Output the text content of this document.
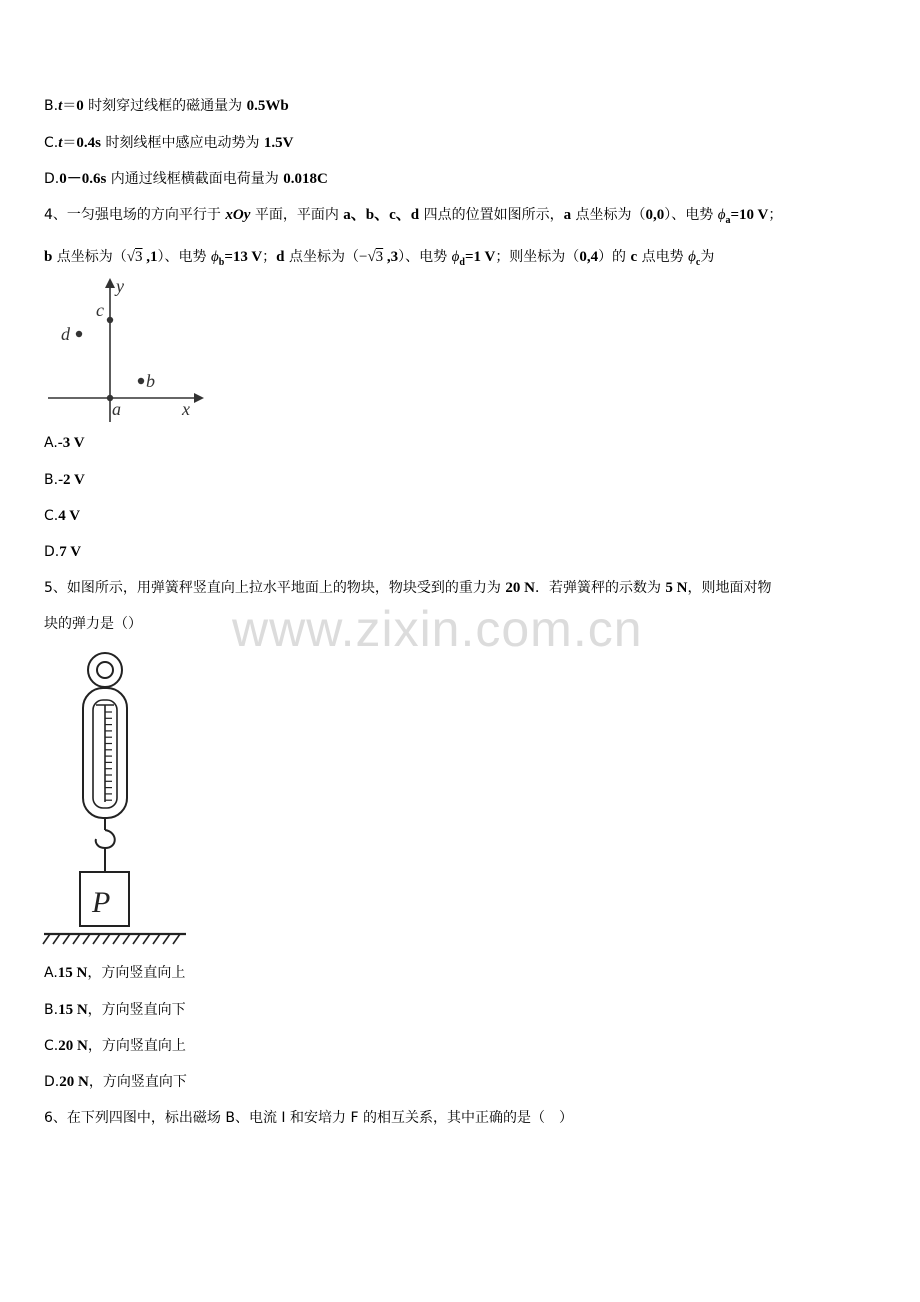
B.t＝0 时刻穿过线框的磁通量为 0.5Wb
C.t＝0.4s 时刻线框中感应电动势为 1.5V
D.0－0.6s 内通过线框横截面电荷量为 0.018C
4、一匀强电场的方向平行于 xOy 平面，平面内 a、b、c、d 四点的位置如图所示，a 点坐标为（0,0）、电势 $\phi_a=10$ V；
b 点坐标为（√3 ,1）、电势 $\phi_b=13$ V；d 点坐标为（−√3 ,3）、电势 $\phi_d=1$ V；则坐标为（0,4）的 c 点电势 $\phi_c$为
y
x
a
c
d
b
A.-3 V
B.-2 V
C.4 V
D.7 V
5、如图所示，用弹簧秤竖直向上拉水平地面上的物块，物块受到的重力为 20 N．若弹簧秤的示数为 5 N，则地面对物
块的弹力是（） www.zixin.com.cn
P
A.15 N，方向竖直向上
B.15 N，方向竖直向下
C.20 N，方向竖直向上
D.20 N，方向竖直向下
6、在下列四图中，标出磁场 B、电流 I 和安培力 F 的相互关系，其中正确的是（　）
